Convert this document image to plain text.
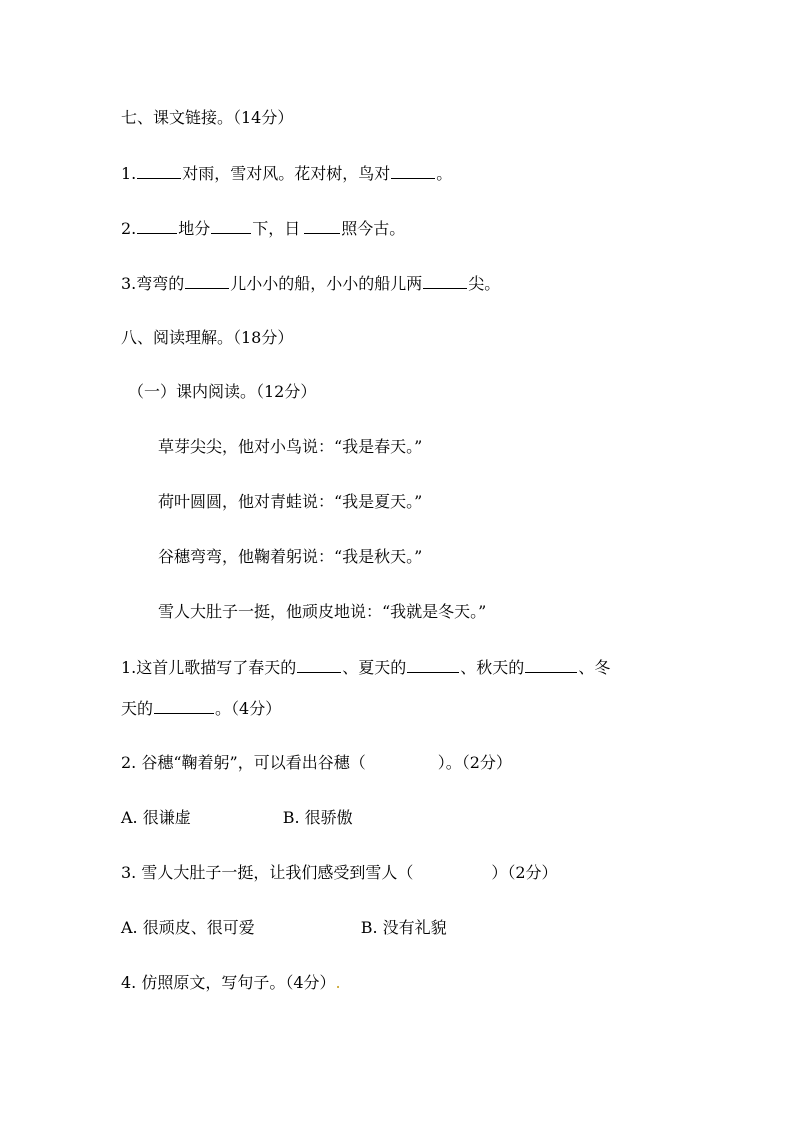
七、课文链接。（14分）
1.	对雨，雪对风。花对树，鸟对	。
2.	地分	下，日	照今古。
3.弯弯的	儿小小的船，小小的船儿两	尖。
八、阅读理解。（18分）
（一）课内阅读。（12分）
草芽尖尖，他对小鸟说：“我是春天。”
荷叶圆圆，他对青蛙说：“我是夏天。”
谷穗弯弯，他鞠着躬说：“我是秋天。”
雪人大肚子一挺，他顽皮地说：“我就是冬天。”
1.这首儿歌描写了春天的	、夏天的	、秋天的	、冬
天的	。（4分）
2. 谷穗“鞠着躬”，可以看出谷穗（	）。（2分）
A. 很谦虚	B. 很骄傲
3. 雪人大肚子一挺，让我们感受到雪人（	）（2分）
A. 很顽皮、很可爱	B. 没有礼貌
4. 仿照原文，写句子。（4分）.
